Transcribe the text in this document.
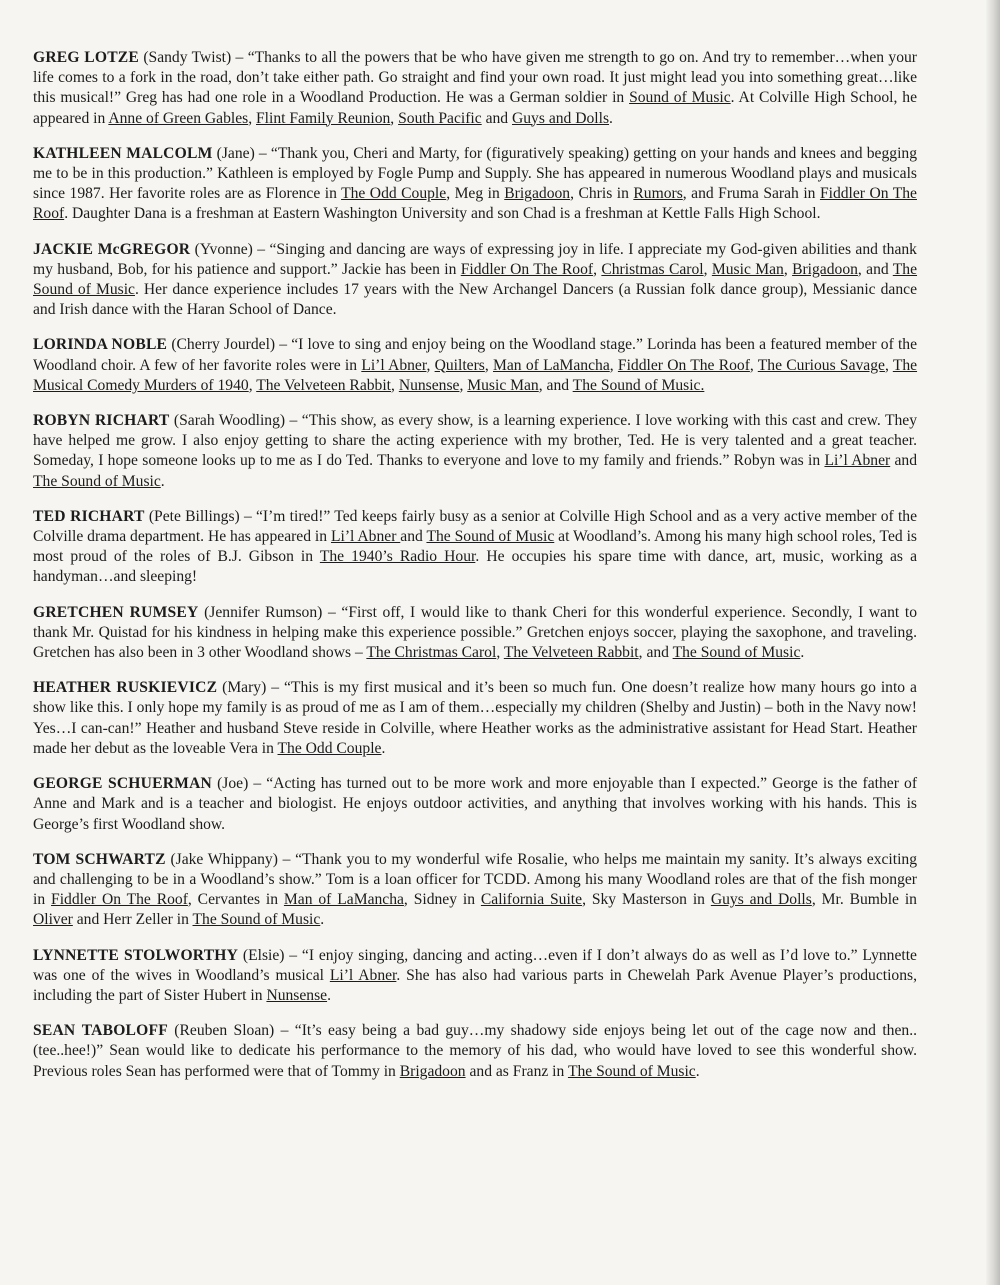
GREG LOTZE (Sandy Twist) – “Thanks to all the powers that be who have given me strength to go on. And try to remember…when your life comes to a fork in the road, don’t take either path. Go straight and find your own road. It just might lead you into something great…like this musical!” Greg has had one role in a Woodland Production. He was a German soldier in Sound of Music. At Colville High School, he appeared in Anne of Green Gables, Flint Family Reunion, South Pacific and Guys and Dolls.

KATHLEEN MALCOLM (Jane) – “Thank you, Cheri and Marty, for (figuratively speaking) getting on your hands and knees and begging me to be in this production.” Kathleen is employed by Fogle Pump and Supply. She has appeared in numerous Woodland plays and musicals since 1987. Her favorite roles are as Florence in The Odd Couple, Meg in Brigadoon, Chris in Rumors, and Fruma Sarah in Fiddler On The Roof. Daughter Dana is a freshman at Eastern Washington University and son Chad is a freshman at Kettle Falls High School.

JACKIE McGREGOR (Yvonne) – “Singing and dancing are ways of expressing joy in life. I appreciate my God-given abilities and thank my husband, Bob, for his patience and support.” Jackie has been in Fiddler On The Roof, Christmas Carol, Music Man, Brigadoon, and The Sound of Music. Her dance experience includes 17 years with the New Archangel Dancers (a Russian folk dance group), Messianic dance and Irish dance with the Haran School of Dance.

LORINDA NOBLE (Cherry Jourdel) – “I love to sing and enjoy being on the Woodland stage.” Lorinda has been a featured member of the Woodland choir. A few of her favorite roles were in Li’l Abner, Quilters, Man of LaMancha, Fiddler On The Roof, The Curious Savage, The Musical Comedy Murders of 1940, The Velveteen Rabbit, Nunsense, Music Man, and The Sound of Music.

ROBYN RICHART (Sarah Woodling) – “This show, as every show, is a learning experience. I love working with this cast and crew. They have helped me grow. I also enjoy getting to share the acting experience with my brother, Ted. He is very talented and a great teacher. Someday, I hope someone looks up to me as I do Ted. Thanks to everyone and love to my family and friends.” Robyn was in Li’l Abner and The Sound of Music.

TED RICHART (Pete Billings) – “I’m tired!” Ted keeps fairly busy as a senior at Colville High School and as a very active member of the Colville drama department. He has appeared in Li’l Abner and The Sound of Music at Woodland’s. Among his many high school roles, Ted is most proud of the roles of B.J. Gibson in The 1940’s Radio Hour. He occupies his spare time with dance, art, music, working as a handyman…and sleeping!

GRETCHEN RUMSEY (Jennifer Rumson) – “First off, I would like to thank Cheri for this wonderful experience. Secondly, I want to thank Mr. Quistad for his kindness in helping make this experience possible.” Gretchen enjoys soccer, playing the saxophone, and traveling. Gretchen has also been in 3 other Woodland shows – The Christmas Carol, The Velveteen Rabbit, and The Sound of Music.

HEATHER RUSKIEVICZ (Mary) – “This is my first musical and it’s been so much fun. One doesn’t realize how many hours go into a show like this. I only hope my family is as proud of me as I am of them…especially my children (Shelby and Justin) – both in the Navy now! Yes…I can-can!” Heather and husband Steve reside in Colville, where Heather works as the administrative assistant for Head Start. Heather made her debut as the loveable Vera in The Odd Couple.

GEORGE SCHUERMAN (Joe) – “Acting has turned out to be more work and more enjoyable than I expected.” George is the father of Anne and Mark and is a teacher and biologist. He enjoys outdoor activities, and anything that involves working with his hands. This is George’s first Woodland show.

TOM SCHWARTZ (Jake Whippany) – “Thank you to my wonderful wife Rosalie, who helps me maintain my sanity. It’s always exciting and challenging to be in a Woodland’s show.” Tom is a loan officer for TCDD. Among his many Woodland roles are that of the fish monger in Fiddler On The Roof, Cervantes in Man of LaMancha, Sidney in California Suite, Sky Masterson in Guys and Dolls, Mr. Bumble in Oliver and Herr Zeller in The Sound of Music.

LYNNETTE STOLWORTHY (Elsie) – “I enjoy singing, dancing and acting…even if I don’t always do as well as I’d love to.” Lynnette was one of the wives in Woodland’s musical Li’l Abner. She has also had various parts in Chewelah Park Avenue Player’s productions, including the part of Sister Hubert in Nunsense.

SEAN TABOLOFF (Reuben Sloan) – “It’s easy being a bad guy…my shadowy side enjoys being let out of the cage now and then..(tee..hee!)” Sean would like to dedicate his performance to the memory of his dad, who would have loved to see this wonderful show. Previous roles Sean has performed were that of Tommy in Brigadoon and as Franz in The Sound of Music.
